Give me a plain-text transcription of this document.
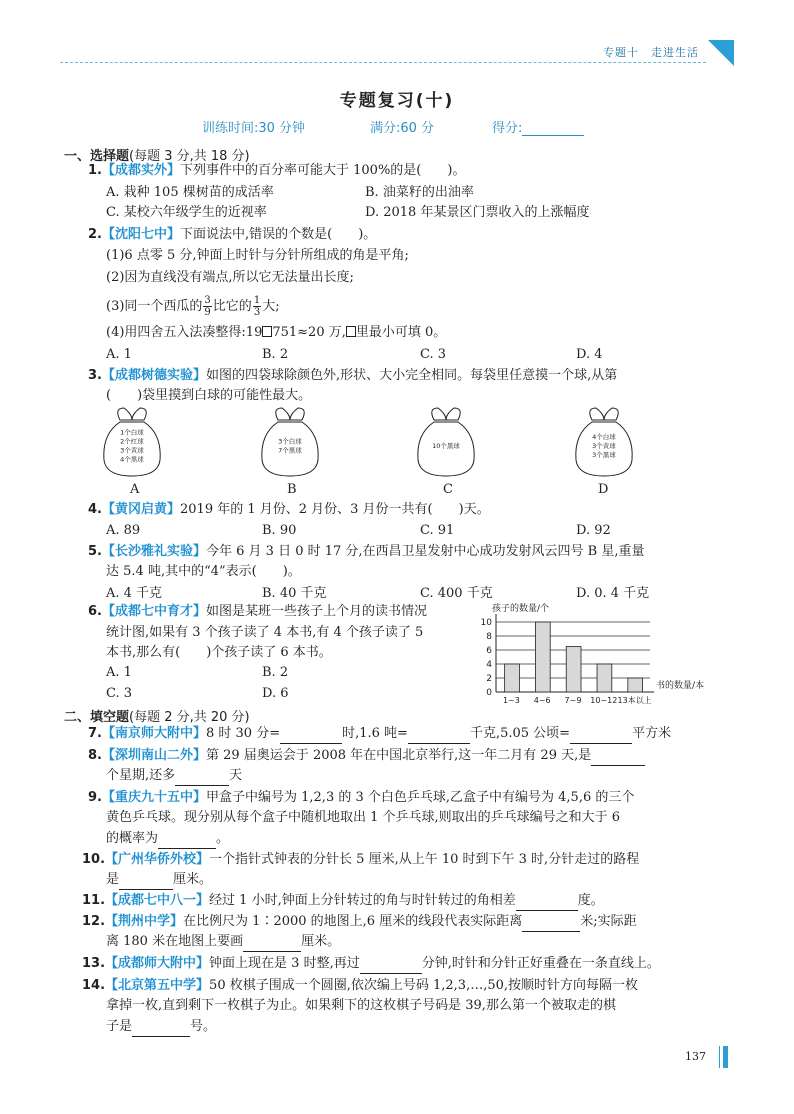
专题十　走进生活
专题复习(十)
训练时间:30 分钟	满分:60 分	得分:
一、选择题(每题 3 分,共 18 分)
1.【成都实外】下列事件中的百分率可能大于 100%的是(　　)。
A. 栽种 105 棵树苗的成活率	B. 油菜籽的出油率
C. 某校六年级学生的近视率	D. 2018 年某景区门票收入的上涨幅度
2.【沈阳七中】下面说法中,错误的个数是(　　)。
(1)6 点零 5 分,钟面上时针与分针所组成的角是平角;
(2)因为直线没有端点,所以它无法量出长度;
(3)同一个西瓜的 $\frac{3}{9}$ 比它的 $\frac{1}{3}$ 大;
(4)用四舍五入法凑整得:19 751≈20 万, 里最小可填 0。
A. 1	B. 2	C. 3	D. 4
3.【成都树德实验】如图的四袋球除颜色外,形状、大小完全相同。每袋里任意摸一个球,从第
(　　)袋里摸到白球的可能性最大。
1个白球
2个红球
3个黄球
4个黑球
3个白球
7个黑球
10个黑球
4个白球
3个黄球
3个黑球
A	B	C	D
4.【黄冈启黄】2019 年的 1 月份、2 月份、3 月份一共有(　　)天。
A. 89	B. 90	C. 91	D. 92
5.【长沙雅礼实验】今年 6 月 3 日 0 时 17 分,在西昌卫星发射中心成功发射风云四号 B 星,重量
达 5.4 吨,其中的“4”表示(　　)。
A. 4 千克	B. 40 千克	C. 400 千克	D. 0. 4 千克
6.【成都七中育才】如图是某班一些孩子上个月的读书情况
统计图,如果有 3 个孩子读了 4 本书,有 4 个孩子读了 5
本书,那么有(　　)个孩子读了 6 本书。
A. 1	B. 2
C. 3	D. 6
孩子的数量/个
0
2
4
6
8
10
1~3 4~6 7~9 10~12 13本以上
书的数量/本
二、填空题(每题 2 分,共 20 分)
7.【南京师大附中】8 时 30 分=	时,1.6 吨=	千克,5.05 公顷=	平方米
8.【深圳南山二外】第 29 届奥运会于 2008 年在中国北京举行,这一年二月有 29 天,是
个星期,还多	天
9.【重庆九十五中】甲盒子中编号为 1,2,3 的 3 个白色乒乓球,乙盒子中有编号为 4,5,6 的三个
黄色乒乓球。现分别从每个盒子中随机地取出 1 个乒乓球,则取出的乒乓球编号之和大于 6
的概率为	。
10.【广州华侨外校】一个指针式钟表的分针长 5 厘米,从上午 10 时到下午 3 时,分针走过的路程
是	厘米。
11.【成都七中八一】经过 1 小时,钟面上分针转过的角与时针转过的角相差	度。
12.【荆州中学】在比例尺为 1∶2000 的地图上,6 厘米的线段代表实际距离	米;实际距
离 180 米在地图上要画	厘米。
13.【成都师大附中】钟面上现在是 3 时整,再过	分钟,时针和分针正好重叠在一条直线上。
14.【北京第五中学】50 枚棋子围成一个圆圈,依次编上号码 1,2,3,…,50,按顺时针方向每隔一枚
拿掉一枚,直到剩下一枚棋子为止。如果剩下的这枚棋子号码是 39,那么第一个被取走的棋
子是	号。
137
